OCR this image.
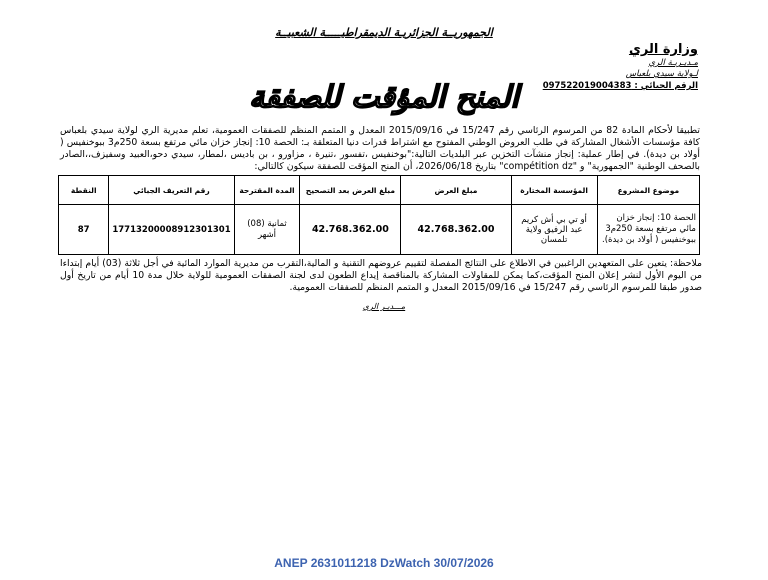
الجمهوريــة الجزائريـة الديمقراطيـــــة الشعبيــة
وزارة الري
مـديـريـة الري
لـولاية سيدي بلعباس
الرقم الجبائي : 097522019004383
المنح المؤقت للصفقة

تطبيقا لأحكام المادة 82 من المرسوم الرئاسي رقم 15/247 في 2015/09/16 المعدل و المتمم المنظم للصفقات العمومية، تعلم مديرية الري لولاية سيدي بلعباس كافة مؤسسات الأشغال المشاركة في طلب العروض الوطني المفتوح مع اشتراط قدرات دنيا المتعلقة بـ: الحصة 10: إنجاز خزان مائي مرتفع بسعة 250م3 ببوخنفيس ( أولاد بن ديدة). في إطار عملية: إنجاز منشآت التخزين عبر البلديات التالية:"بوخنفيس ،تفسور ،تنيرة ، مزاورو ، بن باديس ،لمطار، سيدي دحو،العبيد وسفيزف،،الصادر بالصحف الوطنية "الجمهورية" و "compétition dz" بتاريخ 2026/06/18، أن المنح المؤقت للصفقة سيكون كالتالي:

موضوع المشروع	المؤسسة المختارة	مبلغ العرض	مبلغ العرض بعد التصحيح	المدة المقترحة	رقم التعريف الجبائي	النقطة
الحصة 10: إنجاز خزان مائي مرتفع بسعة 250م3 ببوخنفيس ( أولاد بن ديدة).	أو تي بي أش كريم عبد الرفيق ولاية تلمسان	42.768.362.00	42.768.362.00	ثمانية (08) أشهر	17713200008912301301	87

ملاحظة: يتعين على المتعهدين الراغبين في الاطلاع على النتائج المفصلة لتقييم عروضهم التقنية و المالية،التقرب من مديرية الموارد المائية في أجل ثلاثة (03) أيام إبتداءا من اليوم الأول لنشر إعلان المنح المؤقت،كما يمكن للمقاولات المشاركة بالمناقصة إيداع الطعون لدى لجنة الصفقات العمومية للولاية خلال مدة 10 أيام من تاريخ أول صدور طبقا للمرسوم الرئاسي رقم 15/247 في 2015/09/16 المعدل و المتمم المنظم للصفقات العمومية.

مـــديـر الري
ANEP 2631011218 DzWatch 30/07/2026
